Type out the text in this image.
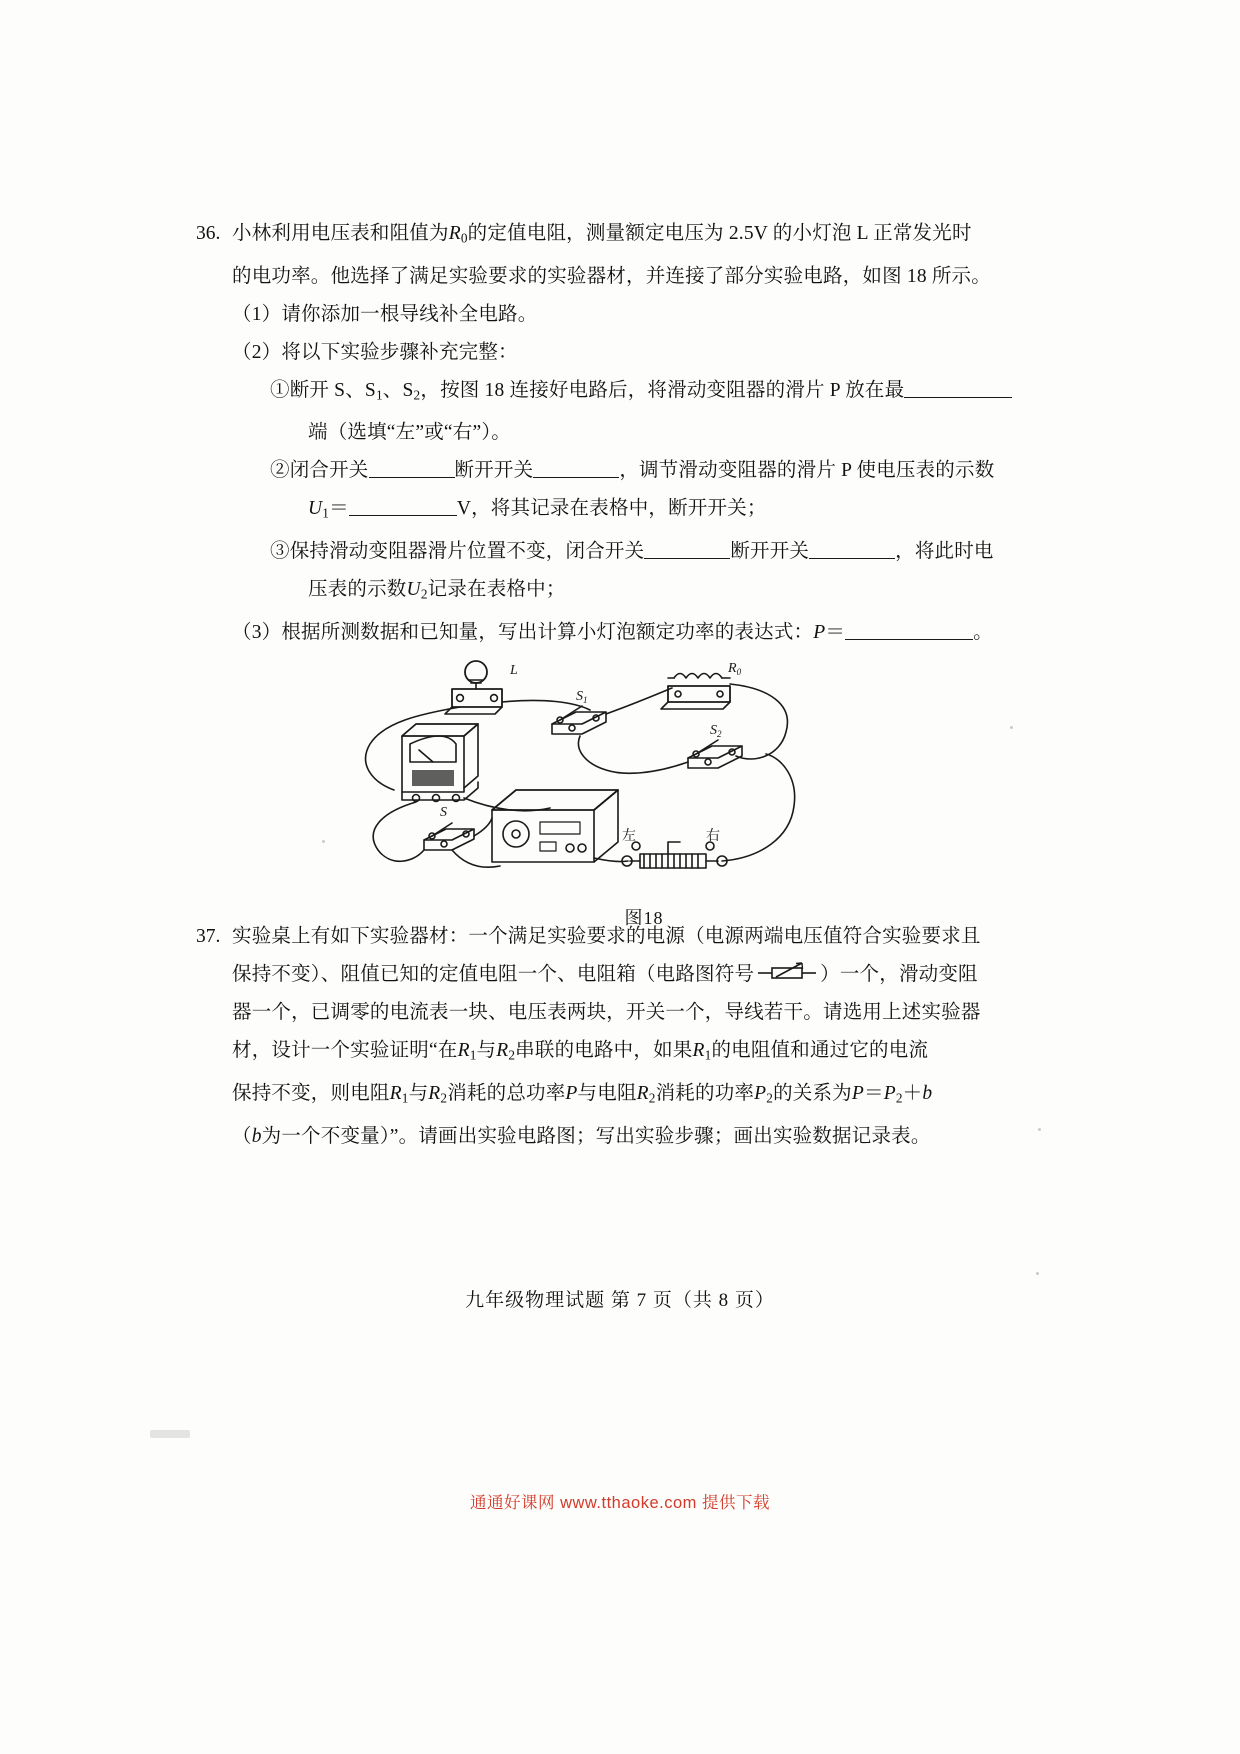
36. 小林利用电压表和阻值为$R_0$的定值电阻，测量额定电压为 2.5V 的小灯泡 L 正常发光时
的电功率。他选择了满足实验要求的实验器材，并连接了部分实验电路，如图 18 所示。
（1）请你添加一根导线补全电路。
（2）将以下实验步骤补充完整：
①断开 S、$S_1$、$S_2$，按图 18 连接好电路后，将滑动变阻器的滑片 P 放在最
端（选填“左”或“右”）。
②闭合开关	断开开关	，调节滑动变阻器的滑片 P 使电压表的示数
$U_1=$	V，将其记录在表格中，断开开关；
③保持滑动变阻器滑片位置不变，闭合开关	断开开关	，将此时电
压表的示数$U_2$记录在表格中；
（3）根据所测数据和已知量，写出计算小灯泡额定功率的表达式：P＝	。
L	$R_0$
$S_1$
$S_2$
S
左	右
图18
37. 实验桌上有如下实验器材：一个满足实验要求的电源（电源两端电压值符合实验要求且
保持不变）、阻值已知的定值电阻一个、电阻箱（电路图符号	）一个，滑动变阻
器一个，已调零的电流表一块、电压表两块，开关一个，导线若干。请选用上述实验器
材，设计一个实验证明“在$R_1$与$R_2$串联的电路中，如果$R_1$的电阻值和通过它的电流
保持不变，则电阻$R_1$与$R_2$消耗的总功率P与电阻$R_2$消耗的功率$P_2$的关系为$P=P_2+b$
（b为一个不变量）”。请画出实验电路图；写出实验步骤；画出实验数据记录表。
九年级物理试题 第 7 页（共 8 页）
通通好课网 www.tthaoke.com 提供下载
